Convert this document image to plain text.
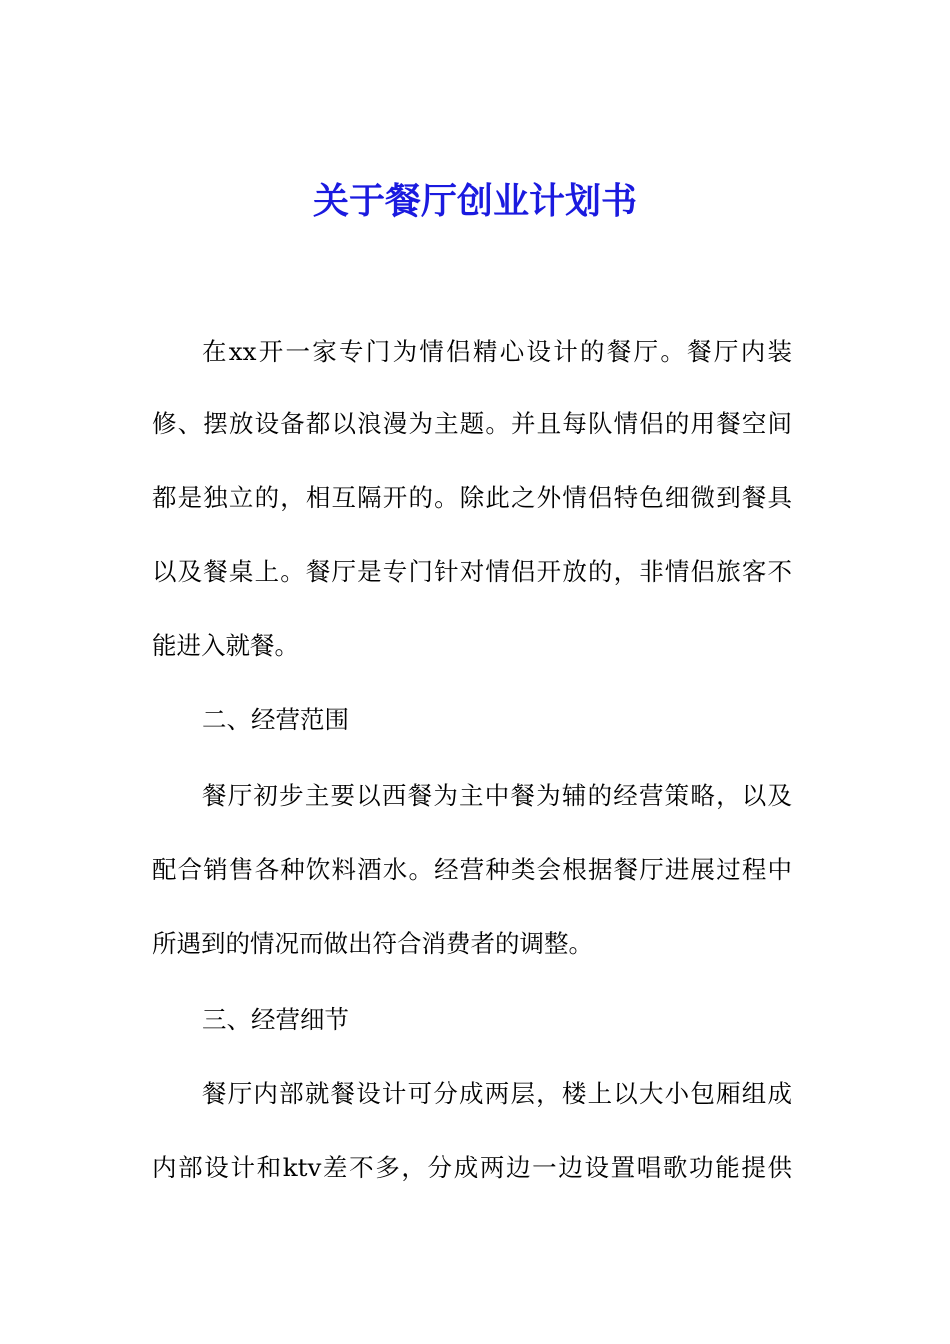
关于餐厅创业计划书

在xx开一家专门为情侣精心设计的餐厅。餐厅内装

修、摆放设备都以浪漫为主题。并且每队情侣的用餐空间

都是独立的，相互隔开的。除此之外情侣特色细微到餐具

以及餐桌上。餐厅是专门针对情侣开放的，非情侣旅客不

能进入就餐。

二、经营范围

餐厅初步主要以西餐为主中餐为辅的经营策略，以及

配合销售各种饮料酒水。经营种类会根据餐厅进展过程中

所遇到的情况而做出符合消费者的调整。

三、经营细节

餐厅内部就餐设计可分成两层，楼上以大小包厢组成

内部设计和ktv差不多，分成两边一边设置唱歌功能提供
